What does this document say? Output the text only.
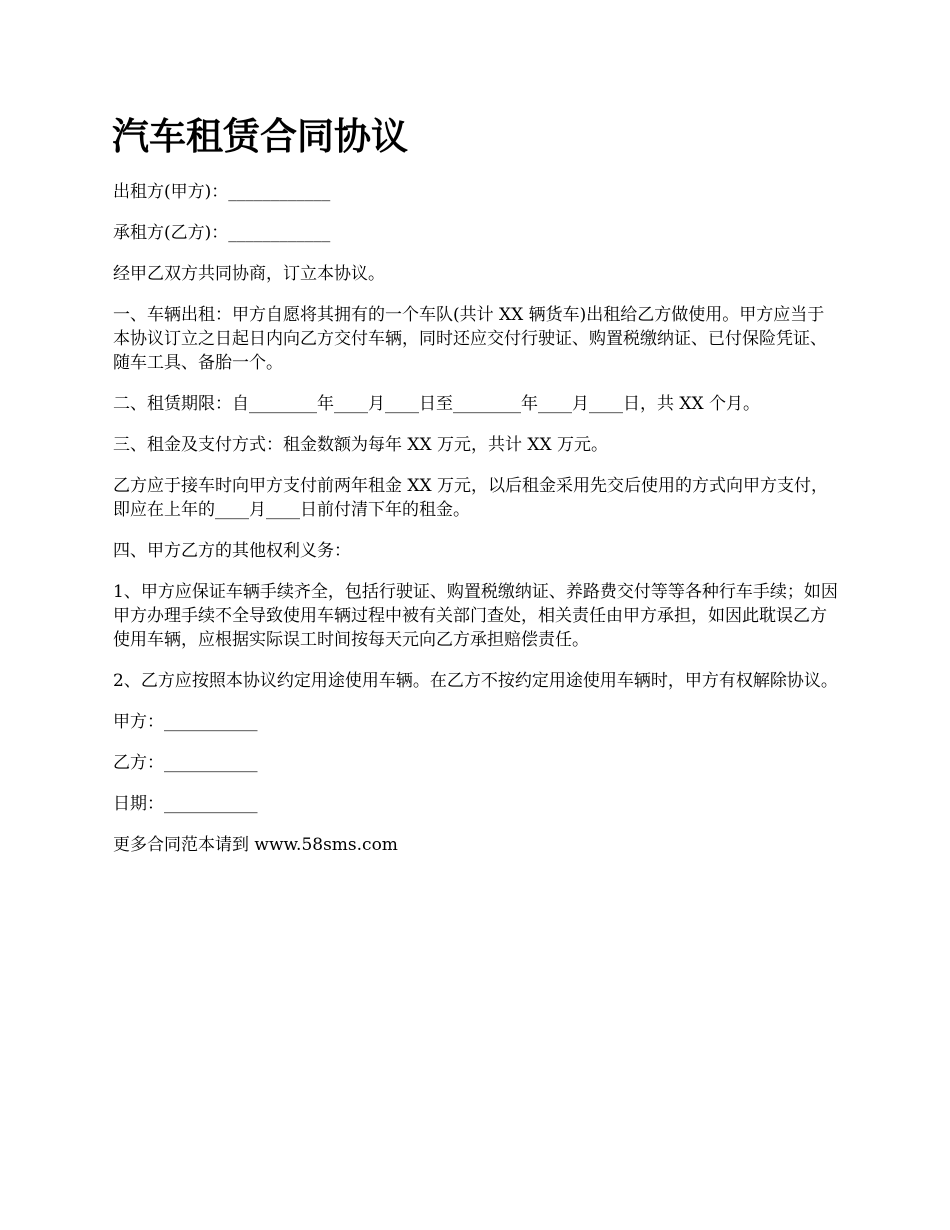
汽车租赁合同协议

出租方(甲方)：____________

承租方(乙方)：____________

经甲乙双方共同协商，订立本协议。

一、车辆出租：甲方自愿将其拥有的一个车队(共计 XX 辆货车)出租给乙方做使用。甲方应当于本协议订立之日起日内向乙方交付车辆，同时还应交付行驶证、购置税缴纳证、已付保险凭证、随车工具、备胎一个。

二、租赁期限：自________年____月____日至________年____月____日，共 XX 个月。

三、租金及支付方式：租金数额为每年 XX 万元，共计 XX 万元。

乙方应于接车时向甲方支付前两年租金 XX 万元，以后租金采用先交后使用的方式向甲方支付，即应在上年的____月____日前付清下年的租金。

四、甲方乙方的其他权利义务：

1、甲方应保证车辆手续齐全，包括行驶证、购置税缴纳证、养路费交付等等各种行车手续；如因甲方办理手续不全导致使用车辆过程中被有关部门查处，相关责任由甲方承担，如因此耽误乙方使用车辆，应根据实际误工时间按每天元向乙方承担赔偿责任。

2、乙方应按照本协议约定用途使用车辆。在乙方不按约定用途使用车辆时，甲方有权解除协议。

甲方：___________

乙方：___________

日期：___________

更多合同范本请到 www.58sms.com
